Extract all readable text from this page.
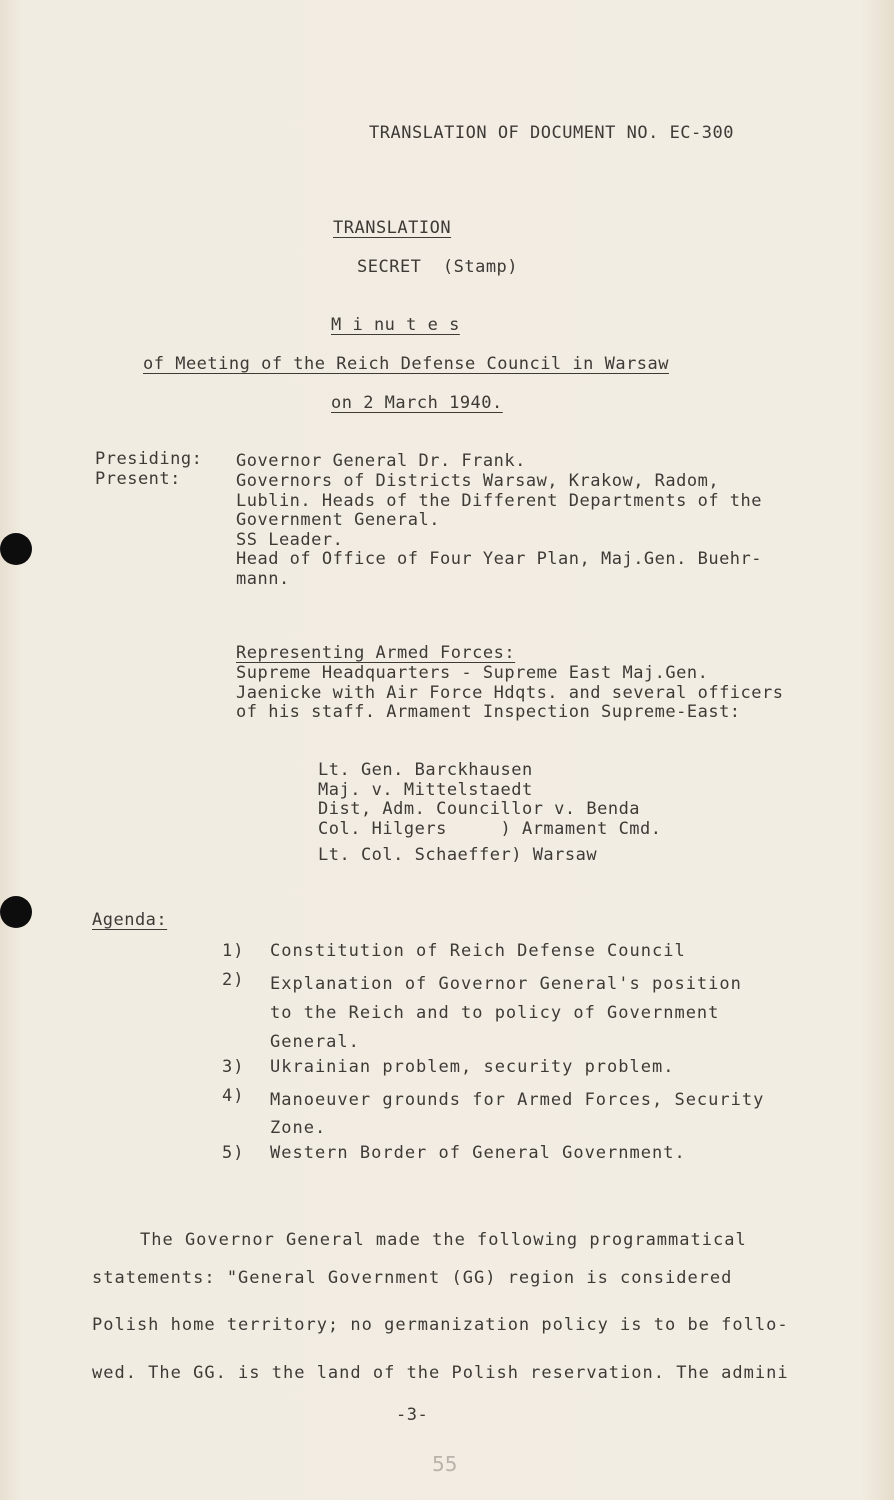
TRANSLATION OF DOCUMENT NO. EC-300
TRANSLATION
SECRET  (Stamp)
M i nu t e s
of Meeting of the Reich Defense Council in Warsaw
on 2 March 1940.
Presiding: Governor General Dr. Frank.
Present:	Governors of Districts Warsaw, Krakow, Radom,
Lublin. Heads of the Different Departments of the
Government General.
SS Leader.
Head of Office of Four Year Plan, Maj.Gen. Buehr-
mann.
Representing Armed Forces:
Supreme Headquarters - Supreme East Maj.Gen.
Jaenicke with Air Force Hdqts. and several officers
of his staff. Armament Inspection Supreme-East:
Lt. Gen. Barckhausen
Maj. v. Mittelstaedt
Dist, Adm. Councillor v. Benda
Col. Hilgers     ) Armament Cmd.
Lt. Col. Schaeffer) Warsaw
Agenda:
1) Constitution of Reich Defense Council
2) Explanation of Governor General's position
to the Reich and to policy of Government
General.
3) Ukrainian problem, security problem.
4) Manoeuver grounds for Armed Forces, Security
Zone.
5) Western Border of General Government.
The Governor General made the following programmatical
statements: "General Government (GG) region is considered
Polish home territory; no germanization policy is to be follo-
wed. The GG. is the land of the Polish reservation. The admini
-3-
55
